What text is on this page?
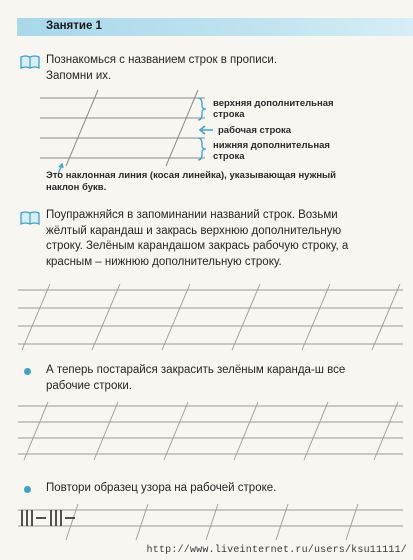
Занятие 1
Познакомься с названием строк в прописи. Запомни их.
верхняя дополнительная строка
рабочая строка
нижняя дополнительная строка
Это наклонная линия (косая линейка), указывающая нужный наклон букв.
Поупражняйся в запоминании названий строк. Возьми жёлтый карандаш и закрась верхнюю дополнительную строку. Зелёным карандашом закрась рабочую строку, а красным – нижнюю дополнительную строку.
А теперь постарайся закрасить зелёным каранда-ш все рабочие строки.
Повтори образец узора на рабочей строке.
http://www.liveinternet.ru/users/ksu11111/
